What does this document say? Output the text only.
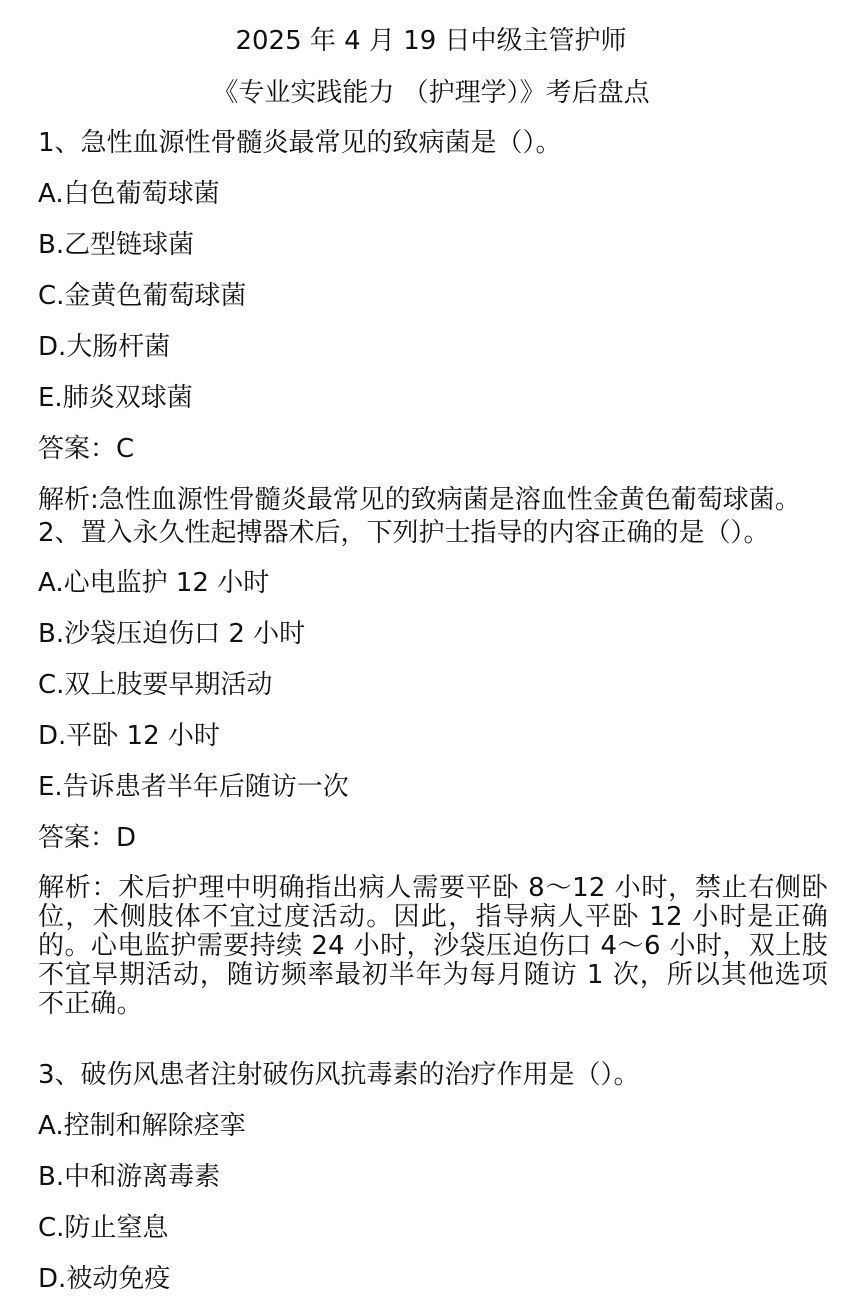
2025 年 4 月 19 日中级主管护师
《专业实践能力 （护理学）》考后盘点
1、急性血源性骨髓炎最常见的致病菌是（）。
A.白色葡萄球菌
B.乙型链球菌
C.金黄色葡萄球菌
D.大肠杆菌
E.肺炎双球菌
答案：C
解析:急性血源性骨髓炎最常见的致病菌是溶血性金黄色葡萄球菌。
2、置入永久性起搏器术后，下列护士指导的内容正确的是（）。
A.心电监护 12 小时
B.沙袋压迫伤口 2 小时
C.双上肢要早期活动
D.平卧 12 小时
E.告诉患者半年后随访一次
答案：D
解析：术后护理中明确指出病人需要平卧 8～12 小时，禁止右侧卧位，术侧肢体不宜过度活动。因此，指导病人平卧 12 小时是正确的。心电监护需要持续 24 小时，沙袋压迫伤口 4～6 小时，双上肢不宜早期活动，随访频率最初半年为每月随访 1 次，所以其他选项不正确。
3、破伤风患者注射破伤风抗毒素的治疗作用是（）。
A.控制和解除痉挛
B.中和游离毒素
C.防止窒息
D.被动免疫
